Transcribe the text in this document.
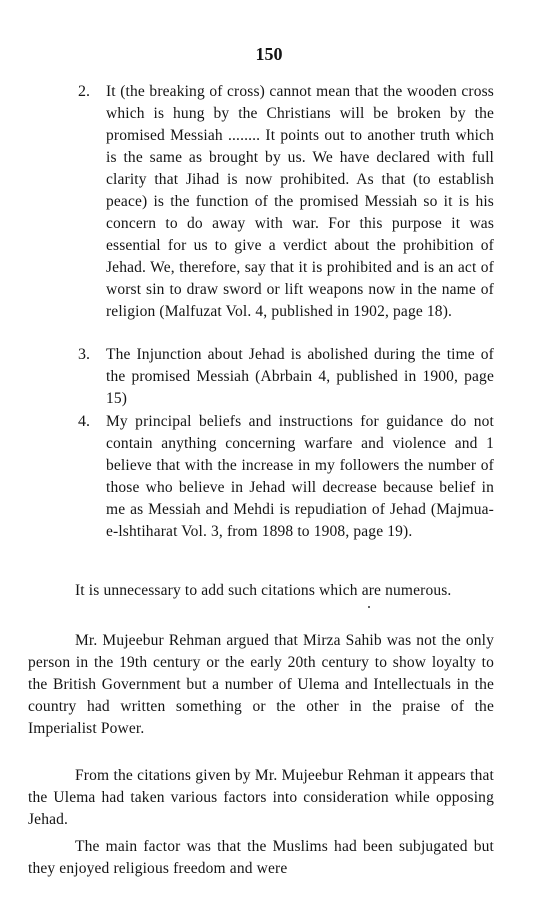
150
2.	It (the breaking of cross) cannot mean that the wooden cross which is hung by the Christians will be broken by the promised Messiah ........ It points out to another truth which is the same as brought by us. We have declared with full clarity that Jihad is now prohibited. As that (to establish peace) is the function of the promised Messiah so it is his concern to do away with war. For this purpose it was essential for us to give a verdict about the prohibition of Jehad. We, therefore, say that it is prohibited and is an act of worst sin to draw sword or lift weapons now in the name of religion (Malfuzat Vol. 4, published in 1902, page 18).
3.	The Injunction about Jehad is abolished during the time of the promised Messiah (Abrbain 4, published in 1900, page 15)
4.	My principal beliefs and instructions for guidance do not contain anything concerning warfare and violence and 1 believe that with the increase in my followers the number of those who believe in Jehad will decrease because belief in me as Messiah and Mehdi is repudiation of Jehad (Majmua-e-lshtiharat Vol. 3, from 1898 to 1908, page 19).

It is unnecessary to add such citations which are numerous.

Mr. Mujeebur Rehman argued that Mirza Sahib was not the only person in the 19th century or the early 20th century to show loyalty to the British Government but a number of Ulema and Intellectuals in the country had written something or the other in the praise of the Imperialist Power.

From the citations given by Mr. Mujeebur Rehman it appears that the Ulema had taken various factors into consideration while opposing Jehad.

The main factor was that the Muslims had been subjugated but they enjoyed religious freedom and were
